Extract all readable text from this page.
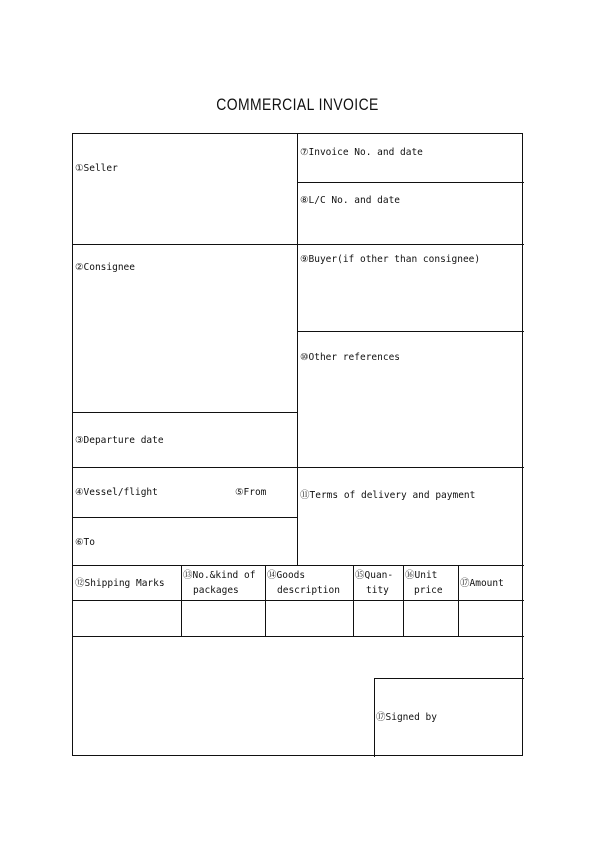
COMMERCIAL INVOICE
①Seller
⑦Invoice No. and date
⑧L/C No. and date
②Consignee
⑨Buyer(if other than consignee)
⑩Other references
③Departure date
④Vessel/flight	⑤From	⑪Terms of delivery and payment
⑥To
⑫Shipping Marks
⑬No.&kind of
packages
⑭Goods
description
⑮Quan-
tity
⑯Unit
price
⑰Amount
⑰Signed by
